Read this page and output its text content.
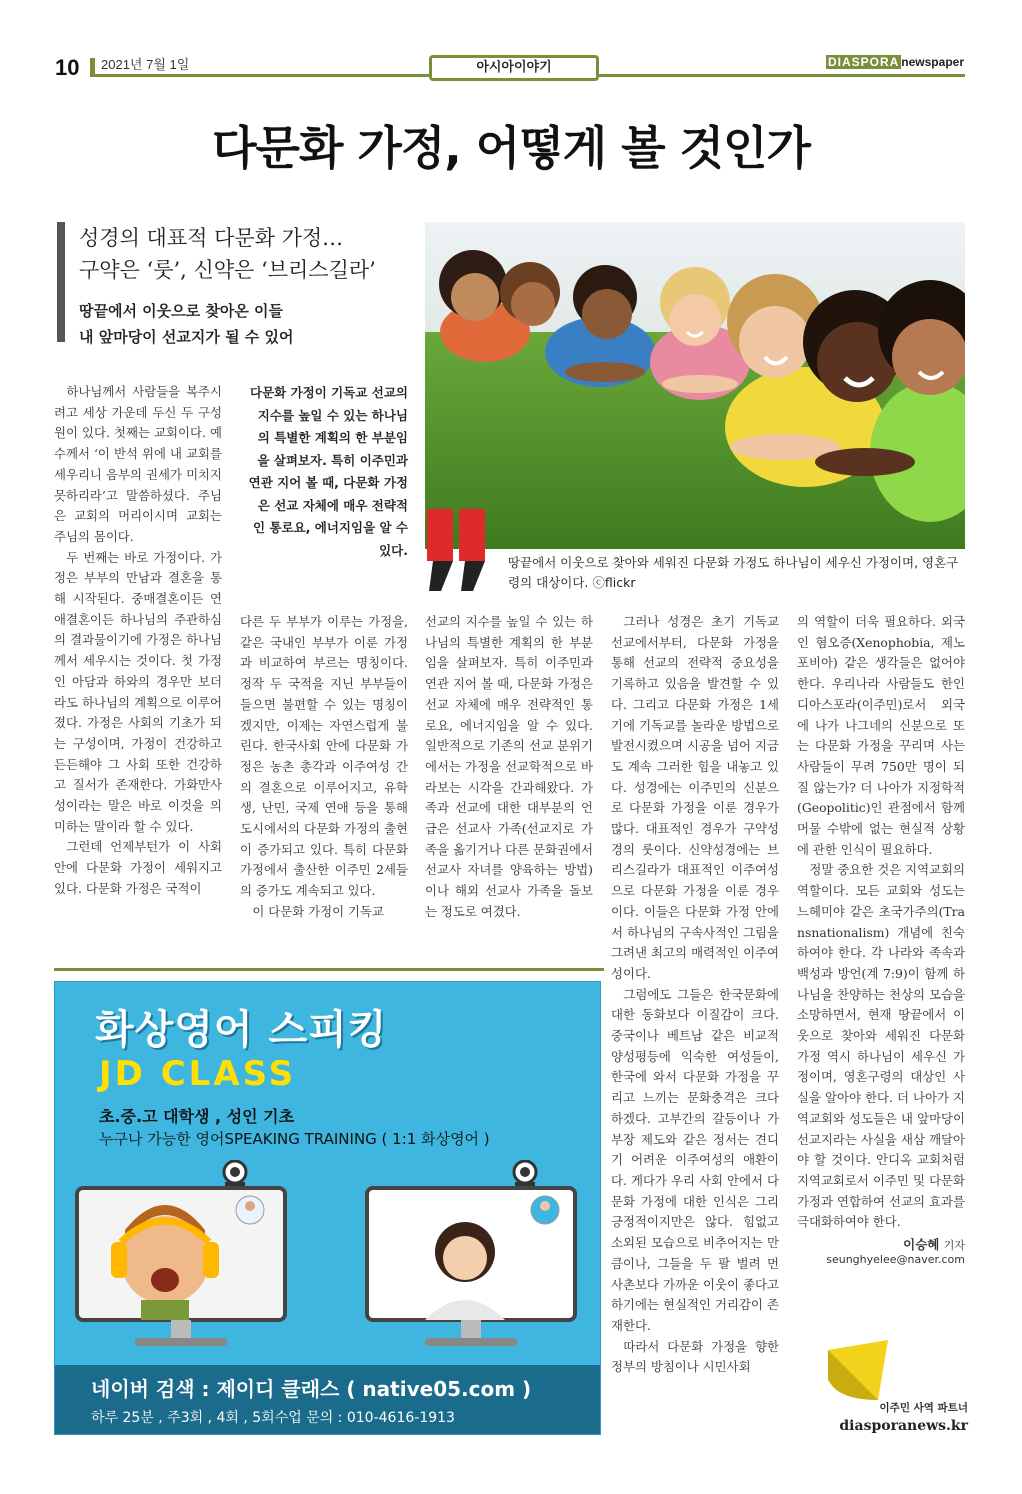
10 2021년 7월 1일	아시아이야기	DIASPORA newspaper
다문화 가정, 어떻게 볼 것인가
성경의 대표적 다문화 가정…
구약은 ‘룻’, 신약은 ‘브리스길라’
땅끝에서 이웃으로 찾아온 이들
내 앞마당이 선교지가 될 수 있어
다문화 가정이 기독교 선교의 지수를 높일 수 있는 하나님의 특별한 계획의 한 부분임을 살펴보자. 특히 이주민과 연관 지어 볼 때, 다문화 가정은 선교 자체에 매우 전략적인 통로요, 에너지임을 알 수 있다.
땅끝에서 이웃으로 찾아와 세워진 다문화 가정도 하나님이 세우신 가정이며, 영혼구령의 대상이다. ⓒflickr

하나님께서 사람들을 복주시려고 세상 가운데 두신 두 구성원이 있다. 첫째는 교회이다. 예수께서 ‘이 반석 위에 내 교회를 세우리니 음부의 권세가 미치지 못하리라’고 말씀하셨다. 주님은 교회의 머리이시며 교회는 주님의 몸이다.

두 번째는 바로 가정이다. 가정은 부부의 만남과 결혼을 통해 시작된다. 중매결혼이든 연애결혼이든 하나님의 주관하심의 결과물이기에 가정은 하나님께서 세우시는 것이다. 첫 가정인 아담과 하와의 경우만 보더라도 하나님의 계획으로 이루어졌다. 가정은 사회의 기초가 되는 구성이며, 가정이 건강하고 든든해야 그 사회 또한 건강하고 질서가 존재한다. 가화만사성이라는 말은 바로 이것을 의미하는 말이라 할 수 있다.

그런데 언제부턴가 이 사회 안에 다문화 가정이 세워지고 있다. 다문화 가정은 국적이

다른 두 부부가 이루는 가정을, 같은 국내인 부부가 이룬 가정과 비교하여 부르는 명칭이다. 정작 두 국적을 지닌 부부들이 들으면 불편할 수 있는 명칭이겠지만, 이제는 자연스럽게 불린다. 한국사회 안에 다문화 가정은 농촌 총각과 이주여성 간의 결혼으로 이루어지고, 유학생, 난민, 국제 연애 등을 통해 도시에서의 다문화 가정의 출현이 증가되고 있다. 특히 다문화 가정에서 출산한 이주민 2세들의 증가도 계속되고 있다.

이 다문화 가정이 기독교

선교의 지수를 높일 수 있는 하나님의 특별한 계획의 한 부분임을 살펴보자. 특히 이주민과 연관 지어 볼 때, 다문화 가정은 선교 자체에 매우 전략적인 통로요, 에너지임을 알 수 있다. 일반적으로 기존의 선교 분위기에서는 가정을 선교학적으로 바라보는 시각을 간과해왔다. 가족과 선교에 대한 대부분의 언급은 선교사 가족(선교지로 가족을 옮기거나 다른 문화권에서 선교사 자녀를 양육하는 방법)이나 해외 선교사 가족을 돌보는 정도로 여겼다.

그러나 성경은 초기 기독교 선교에서부터, 다문화 가정을 통해 선교의 전략적 중요성을 기록하고 있음을 발견할 수 있다. 그리고 다문화 가정은 1세기에 기독교를 놀라운 방법으로 발전시켰으며 시공을 넘어 지금도 계속 그러한 힘을 내놓고 있다. 성경에는 이주민의 신분으로 다문화 가정을 이룬 경우가 많다. 대표적인 경우가 구약성경의 룻이다. 신약성경에는 브리스길라가 대표적인 이주여성으로 다문화 가정을 이룬 경우이다. 이들은 다문화 가정 안에서 하나님의 구속사적인 그림을 그려낸 최고의 매력적인 이주여성이다.

그럼에도 그들은 한국문화에 대한 동화보다 이질감이 크다. 중국이나 베트남 같은 비교적 양성평등에 익숙한 여성들이, 한국에 와서 다문화 가정을 꾸리고 느끼는 문화충격은 크다 하겠다. 고부간의 갈등이나 가부장 제도와 같은 정서는 견디기 어려운 이주여성의 애환이다. 게다가 우리 사회 안에서 다문화 가정에 대한 인식은 그리 긍정적이지만은 않다. 힘없고 소외된 모습으로 비추어지는 만큼이나, 그들을 두 팔 벌려 먼 사촌보다 가까운 이웃이 좋다고 하기에는 현실적인 거리감이 존재한다.

따라서 다문화 가정을 향한 정부의 방침이나 시민사회

의 역할이 더욱 필요하다. 외국인 혐오증(Xenophobia, 제노포비아) 같은 생각들은 없어야 한다. 우리나라 사람들도 한인 디아스포라(이주민)로서 외국에 나가 나그네의 신분으로 또는 다문화 가정을 꾸리며 사는 사람들이 무려 750만 명이 되질 않는가? 더 나아가 지정학적(Geopolitic)인 관점에서 함께 머물 수밖에 없는 현실적 상황에 관한 인식이 필요하다.

정말 중요한 것은 지역교회의 역할이다. 모든 교회와 성도는 느헤미야 같은 초국가주의(Transnationalism) 개념에 친숙하여야 한다. 각 나라와 족속과 백성과 방언(계 7:9)이 함께 하나님을 찬양하는 천상의 모습을 소망하면서, 현재 땅끝에서 이웃으로 찾아와 세워진 다문화 가정 역시 하나님이 세우신 가정이며, 영혼구령의 대상인 사실을 알아야 한다. 더 나아가 지역교회와 성도들은 내 앞마당이 선교지라는 사실을 새삼 깨달아야 할 것이다. 안디옥 교회처럼 지역교회로서 이주민 및 다문화 가정과 연합하여 선교의 효과를 극대화하여야 한다.

이승혜 기자
seunghyelee@naver.com
화상영어 스피킹
JD CLASS
초.중.고 대학생 , 성인 기초
누구나 가능한 영어SPEAKING TRAINING ( 1:1 화상영어 )
네이버 검색 : 제이디 클래스 ( native05.com )
하루 25분 , 주3회 , 4회 , 5회수업 문의 : 010-4616-1913
이주민 사역 파트너
diasporanews.kr
